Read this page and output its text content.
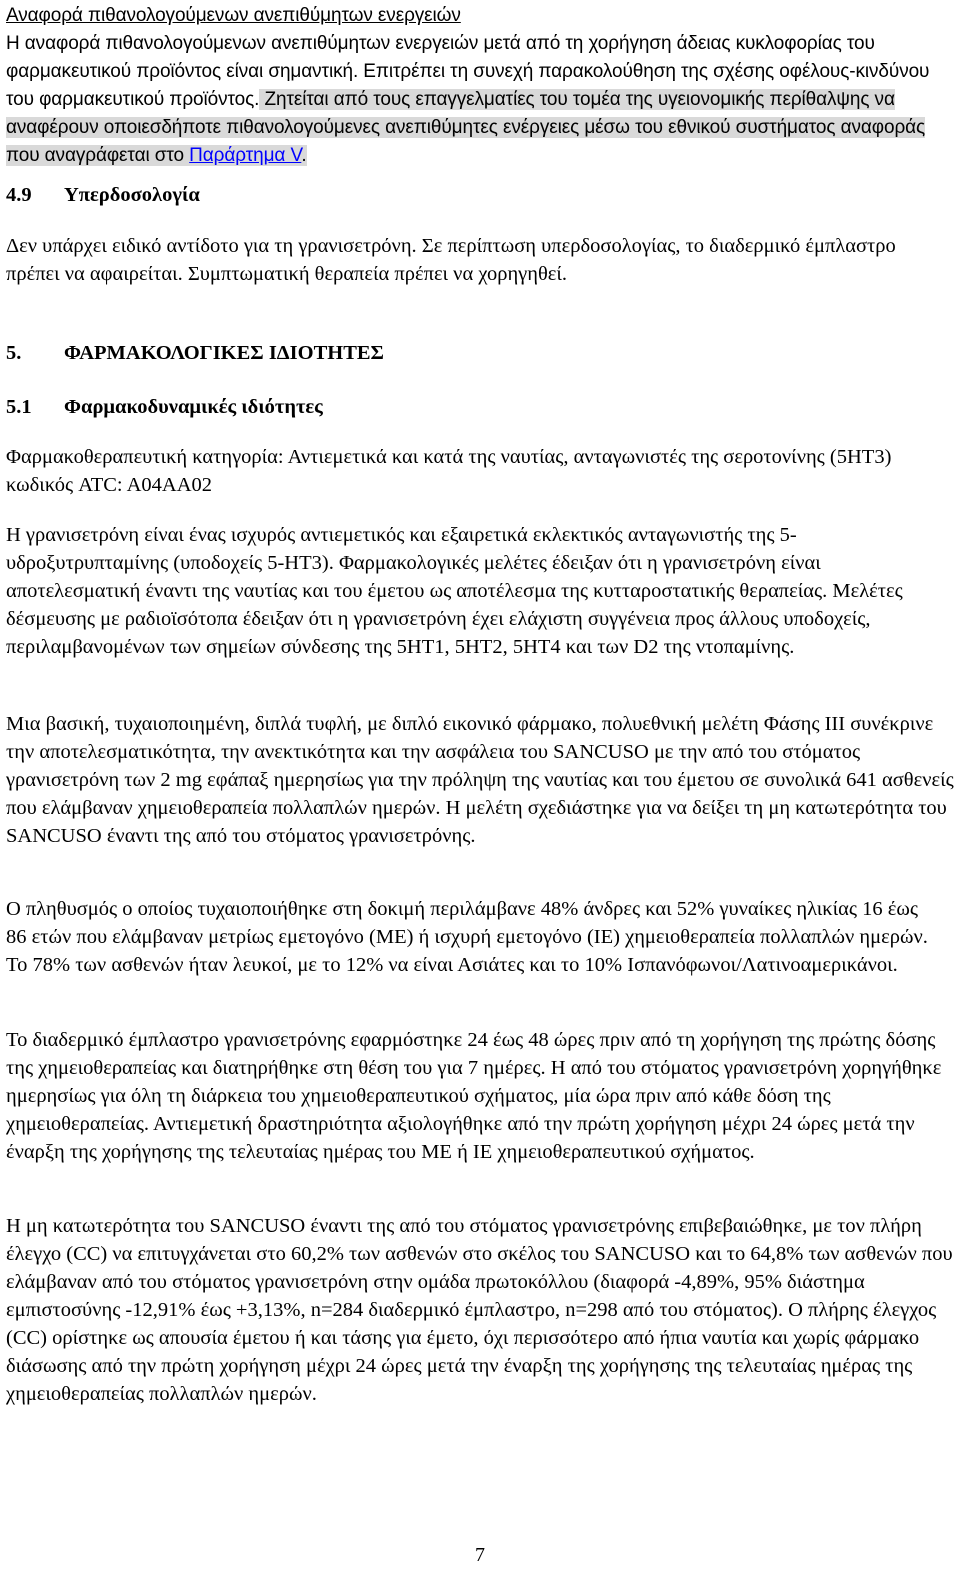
Αναφορά πιθανολογούμενων ανεπιθύμητων ενεργειών

Η αναφορά πιθανολογούμενων ανεπιθύμητων ενεργειών μετά από τη χορήγηση άδειας κυκλοφορίας του φαρμακευτικού προϊόντος είναι σημαντική. Επιτρέπει τη συνεχή παρακολούθηση της σχέσης οφέλους-κινδύνου του φαρμακευτικού προϊόντος. Ζητείται από τους επαγγελματίες του τομέα της υγειονομικής περίθαλψης να αναφέρουν οποιεσδήποτε πιθανολογούμενες ανεπιθύμητες ενέργειες μέσω του εθνικού συστήματος αναφοράς που αναγράφεται στο Παράρτημα V.

4.9 Υπερδοσολογία

Δεν υπάρχει ειδικό αντίδοτο για τη γρανισετρόνη. Σε περίπτωση υπερδοσολογίας, το διαδερμικό έμπλαστρο πρέπει να αφαιρείται. Συμπτωματική θεραπεία πρέπει να χορηγηθεί.

5. ΦΑΡΜΑΚΟΛΟΓΙΚΕΣ ΙΔΙΟΤΗΤΕΣ
5.1 Φαρμακοδυναμικές ιδιότητες

Φαρμακοθεραπευτική κατηγορία: Αντιεμετικά και κατά της ναυτίας, ανταγωνιστές της σεροτονίνης (5HT3) κωδικός ATC: A04AA02

Η γρανισετρόνη είναι ένας ισχυρός αντιεμετικός και εξαιρετικά εκλεκτικός ανταγωνιστής της 5-υδροξυτρυπταμίνης (υποδοχείς 5-HT3). Φαρμακολογικές μελέτες έδειξαν ότι η γρανισετρόνη είναι αποτελεσματική έναντι της ναυτίας και του έμετου ως αποτέλεσμα της κυτταροστατικής θεραπείας. Μελέτες δέσμευσης με ραδιοϊσότοπα έδειξαν ότι η γρανισετρόνη έχει ελάχιστη συγγένεια προς άλλους υποδοχείς, περιλαμβανομένων των σημείων σύνδεσης της 5HT1, 5HT2, 5HT4 και των D2 της ντοπαμίνης.

Μια βασική, τυχαιοποιημένη, διπλά τυφλή, με διπλό εικονικό φάρμακο, πολυεθνική μελέτη Φάσης ΙΙΙ συνέκρινε την αποτελεσματικότητα, την ανεκτικότητα και την ασφάλεια του SANCUSO με την από του στόματος γρανισετρόνη των 2 mg εφάπαξ ημερησίως για την πρόληψη της ναυτίας και του έμετου σε συνολικά 641 ασθενείς που ελάμβαναν χημειοθεραπεία πολλαπλών ημερών. Η μελέτη σχεδιάστηκε για να δείξει τη μη κατωτερότητα του SANCUSO έναντι της από του στόματος γρανισετρόνης.

Ο πληθυσμός ο οποίος τυχαιοποιήθηκε στη δοκιμή περιλάμβανε 48% άνδρες και 52% γυναίκες ηλικίας 16 έως 86 ετών που ελάμβαναν μετρίως εμετογόνο (ΜΕ) ή ισχυρή εμετογόνο (ΙΕ) χημειοθεραπεία πολλαπλών ημερών. Το 78% των ασθενών ήταν λευκοί, με το 12% να είναι Ασιάτες και το 10% Ισπανόφωνοι/Λατινοαμερικάνοι.

Το διαδερμικό έμπλαστρο γρανισετρόνης εφαρμόστηκε 24 έως 48 ώρες πριν από τη χορήγηση της πρώτης δόσης της χημειοθεραπείας και διατηρήθηκε στη θέση του για 7 ημέρες. Η από του στόματος γρανισετρόνη χορηγήθηκε ημερησίως για όλη τη διάρκεια του χημειοθεραπευτικού σχήματος, μία ώρα πριν από κάθε δόση της χημειοθεραπείας. Αντιεμετική δραστηριότητα αξιολογήθηκε από την πρώτη χορήγηση μέχρι 24 ώρες μετά την έναρξη της χορήγησης της τελευταίας ημέρας του ΜΕ ή ΙΕ χημειοθεραπευτικού σχήματος.

Η μη κατωτερότητα του SANCUSO έναντι της από του στόματος γρανισετρόνης επιβεβαιώθηκε, με τον πλήρη έλεγχο (CC) να επιτυγχάνεται στο 60,2% των ασθενών στο σκέλος του SANCUSO και το 64,8% των ασθενών που ελάμβαναν από του στόματος γρανισετρόνη στην ομάδα πρωτοκόλλου (διαφορά -4,89%, 95% διάστημα εμπιστοσύνης -12,91% έως +3,13%, n=284 διαδερμικό έμπλαστρο, n=298 από του στόματος). Ο πλήρης έλεγχος (CC) ορίστηκε ως απουσία έμετου ή και τάσης για έμετο, όχι περισσότερο από ήπια ναυτία και χωρίς φάρμακο διάσωσης από την πρώτη χορήγηση μέχρι 24 ώρες μετά την έναρξη της χορήγησης της τελευταίας ημέρας της χημειοθεραπείας πολλαπλών ημερών.

7
